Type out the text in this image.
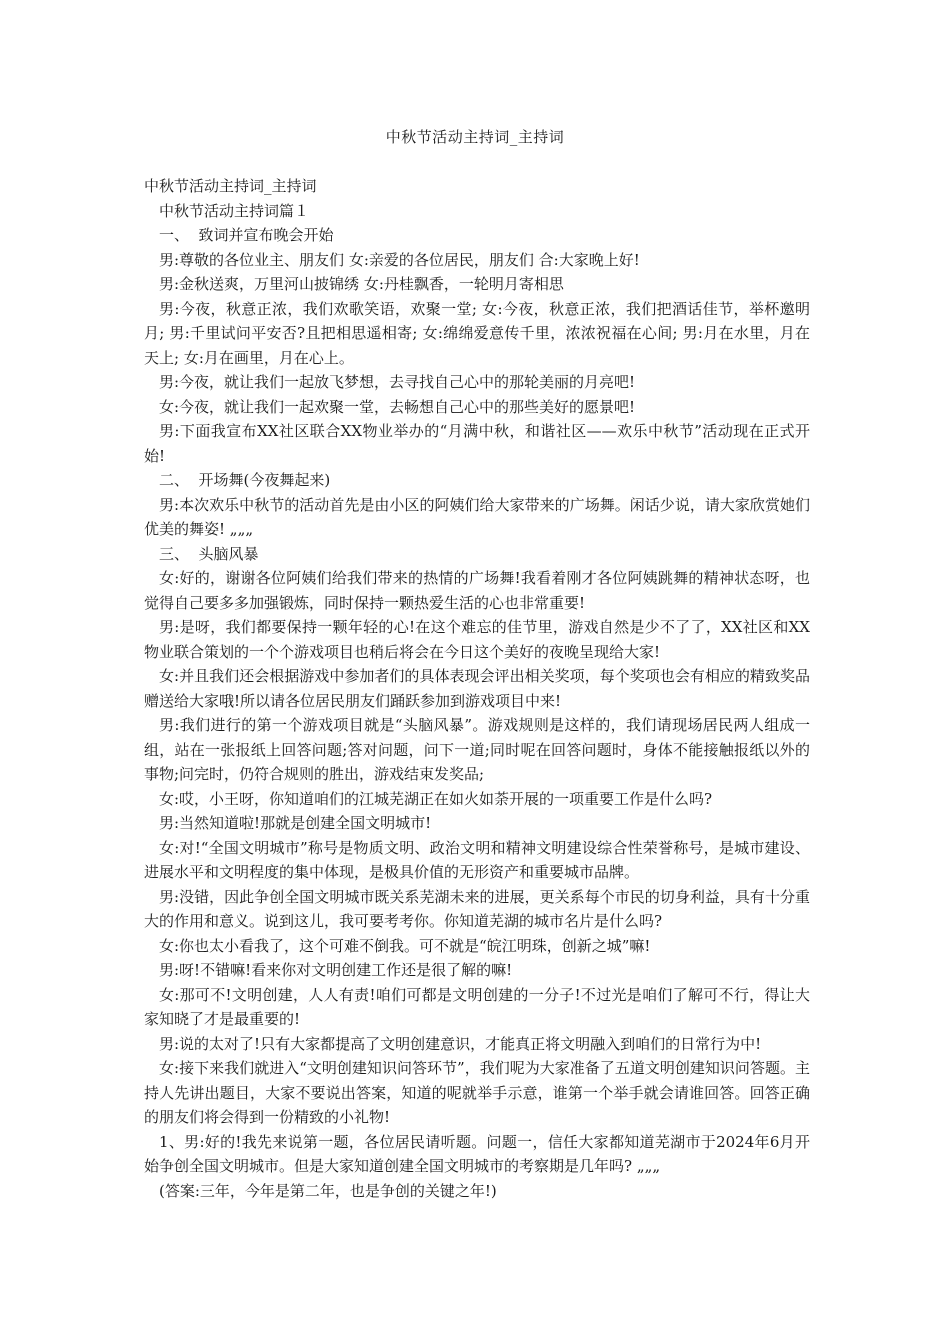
中秋节活动主持词_主持词

中秋节活动主持词_主持词

中秋节活动主持词篇１

一、  致词并宣布晚会开始

男:尊敬的各位业主、朋友们 女:亲爱的各位居民，朋友们 合:大家晚上好!

男:金秋送爽，万里河山披锦绣 女:丹桂飘香，一轮明月寄相思

男:今夜，秋意正浓，我们欢歌笑语，欢聚一堂; 女:今夜，秋意正浓，我们把酒话佳节，举杯邀明月; 男:千里试问平安否?且把相思遥相寄; 女:绵绵爱意传千里，浓浓祝福在心间; 男:月在水里，月在天上; 女:月在画里，月在心上。

男:今夜，就让我们一起放飞梦想，去寻找自己心中的那轮美丽的月亮吧!

女:今夜，就让我们一起欢聚一堂，去畅想自己心中的那些美好的愿景吧!

男:下面我宣布XX社区联合XX物业举办的“月满中秋，和谐社区——欢乐中秋节”活动现在正式开始!

二、  开场舞(今夜舞起来)

男:本次欢乐中秋节的活动首先是由小区的阿姨们给大家带来的广场舞。闲话少说，请大家欣赏她们优美的舞姿! „„„

三、  头脑风暴

女:好的，谢谢各位阿姨们给我们带来的热情的广场舞!我看着刚才各位阿姨跳舞的精神状态呀，也觉得自己要多多加强锻炼，同时保持一颗热爱生活的心也非常重要!

男:是呀，我们都要保持一颗年轻的心!在这个难忘的佳节里，游戏自然是少不了了，XX社区和XX物业联合策划的一个个游戏项目也稍后将会在今日这个美好的夜晚呈现给大家!

女:并且我们还会根据游戏中参加者们的具体表现会评出相关奖项，每个奖项也会有相应的精致奖品赠送给大家哦!所以请各位居民朋友们踊跃参加到游戏项目中来!

男:我们进行的第一个游戏项目就是“头脑风暴”。游戏规则是这样的，我们请现场居民两人组成一组，站在一张报纸上回答问题;答对问题，问下一道;同时呢在回答问题时，身体不能接触报纸以外的事物;问完时，仍符合规则的胜出，游戏结束发奖品;

女:哎，小王呀，你知道咱们的江城芜湖正在如火如荼开展的一项重要工作是什么吗?

男:当然知道啦!那就是创建全国文明城市!

女:对!“全国文明城市”称号是物质文明、政治文明和精神文明建设综合性荣誉称号，是城市建设、进展水平和文明程度的集中体现，是极具价值的无形资产和重要城市品牌。

男:没错，因此争创全国文明城市既关系芜湖未来的进展，更关系每个市民的切身利益，具有十分重大的作用和意义。说到这儿，我可要考考你。你知道芜湖的城市名片是什么吗?

女:你也太小看我了，这个可难不倒我。可不就是“皖江明珠，创新之城”嘛!

男:呀!不错嘛!看来你对文明创建工作还是很了解的嘛!

女:那可不!文明创建，人人有责!咱们可都是文明创建的一分子!不过光是咱们了解可不行，得让大家知晓了才是最重要的!

男:说的太对了!只有大家都提高了文明创建意识，才能真正将文明融入到咱们的日常行为中!

女:接下来我们就进入“文明创建知识问答环节”，我们呢为大家准备了五道文明创建知识问答题。主持人先讲出题目，大家不要说出答案，知道的呢就举手示意，谁第一个举手就会请谁回答。回答正确的朋友们将会得到一份精致的小礼物!

1、男:好的!我先来说第一题，各位居民请听题。问题一，信任大家都知道芜湖市于2024年6月开始争创全国文明城市。但是大家知道创建全国文明城市的考察期是几年吗? „„„

(答案:三年，今年是第二年，也是争创的关键之年!)
